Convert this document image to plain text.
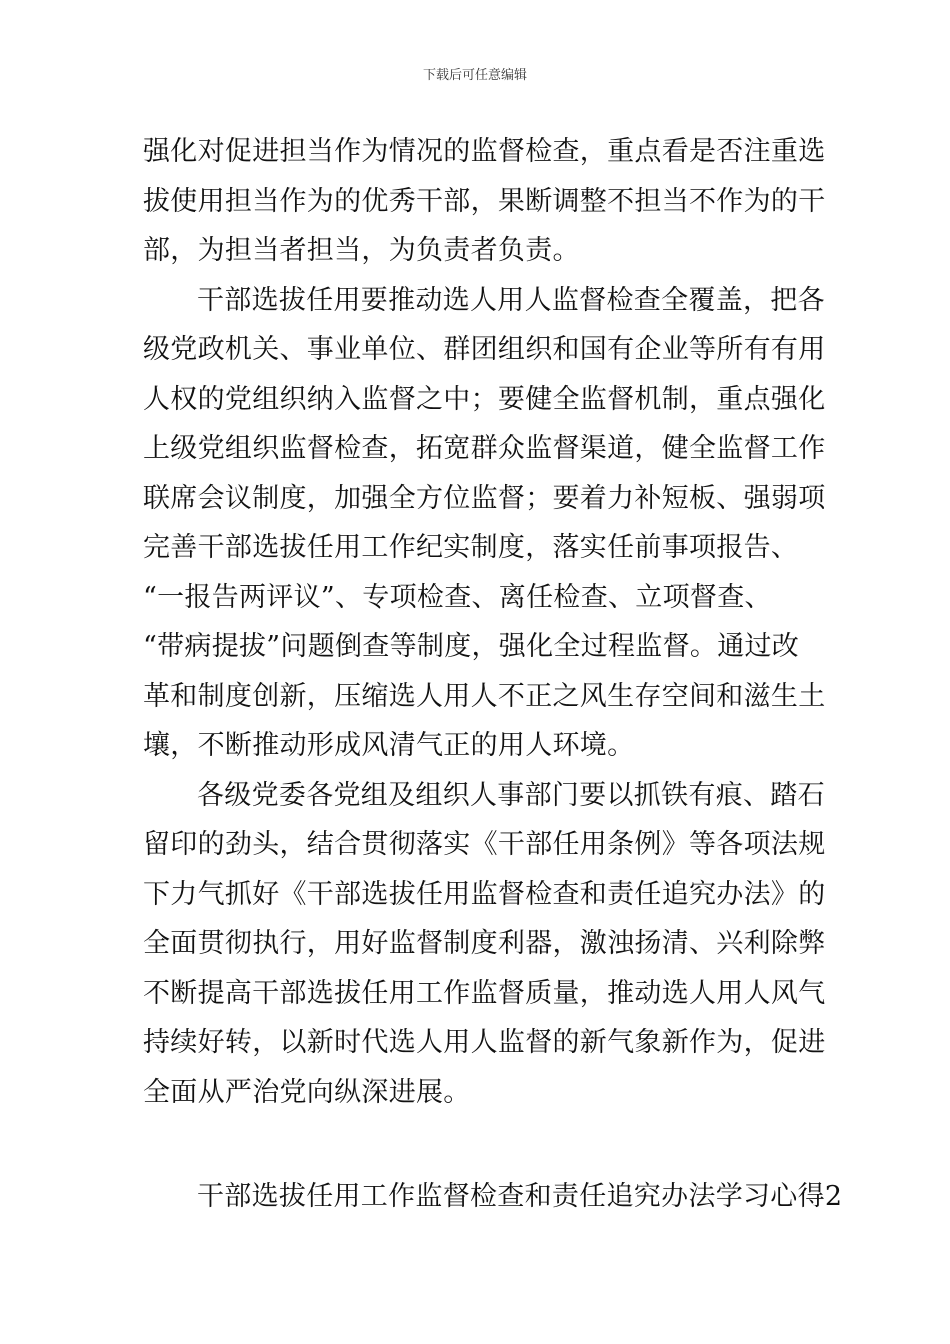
下载后可任意编辑

强化对促进担当作为情况的监督检查，重点看是否注重选
拔使用担当作为的优秀干部，果断调整不担当不作为的干
部，为担当者担当，为负责者负责。

干部选拔任用要推动选人用人监督检查全覆盖，把各
级党政机关、事业单位、群团组织和国有企业等所有有用
人权的党组织纳入监督之中；要健全监督机制，重点强化
上级党组织监督检查，拓宽群众监督渠道，健全监督工作
联席会议制度，加强全方位监督；要着力补短板、强弱项
完善干部选拔任用工作纪实制度，落实任前事项报告、
“一报告两评议”、专项检查、离任检查、立项督查、
“带病提拔”问题倒查等制度，强化全过程监督。通过改
革和制度创新，压缩选人用人不正之风生存空间和滋生土
壤，不断推动形成风清气正的用人环境。

各级党委各党组及组织人事部门要以抓铁有痕、踏石
留印的劲头，结合贯彻落实《干部任用条例》等各项法规
下力气抓好《干部选拔任用监督检查和责任追究办法》的
全面贯彻执行，用好监督制度利器，激浊扬清、兴利除弊
不断提高干部选拔任用工作监督质量，推动选人用人风气
持续好转，以新时代选人用人监督的新气象新作为，促进
全面从严治党向纵深进展。

干部选拔任用工作监督检查和责任追究办法学习心得2
